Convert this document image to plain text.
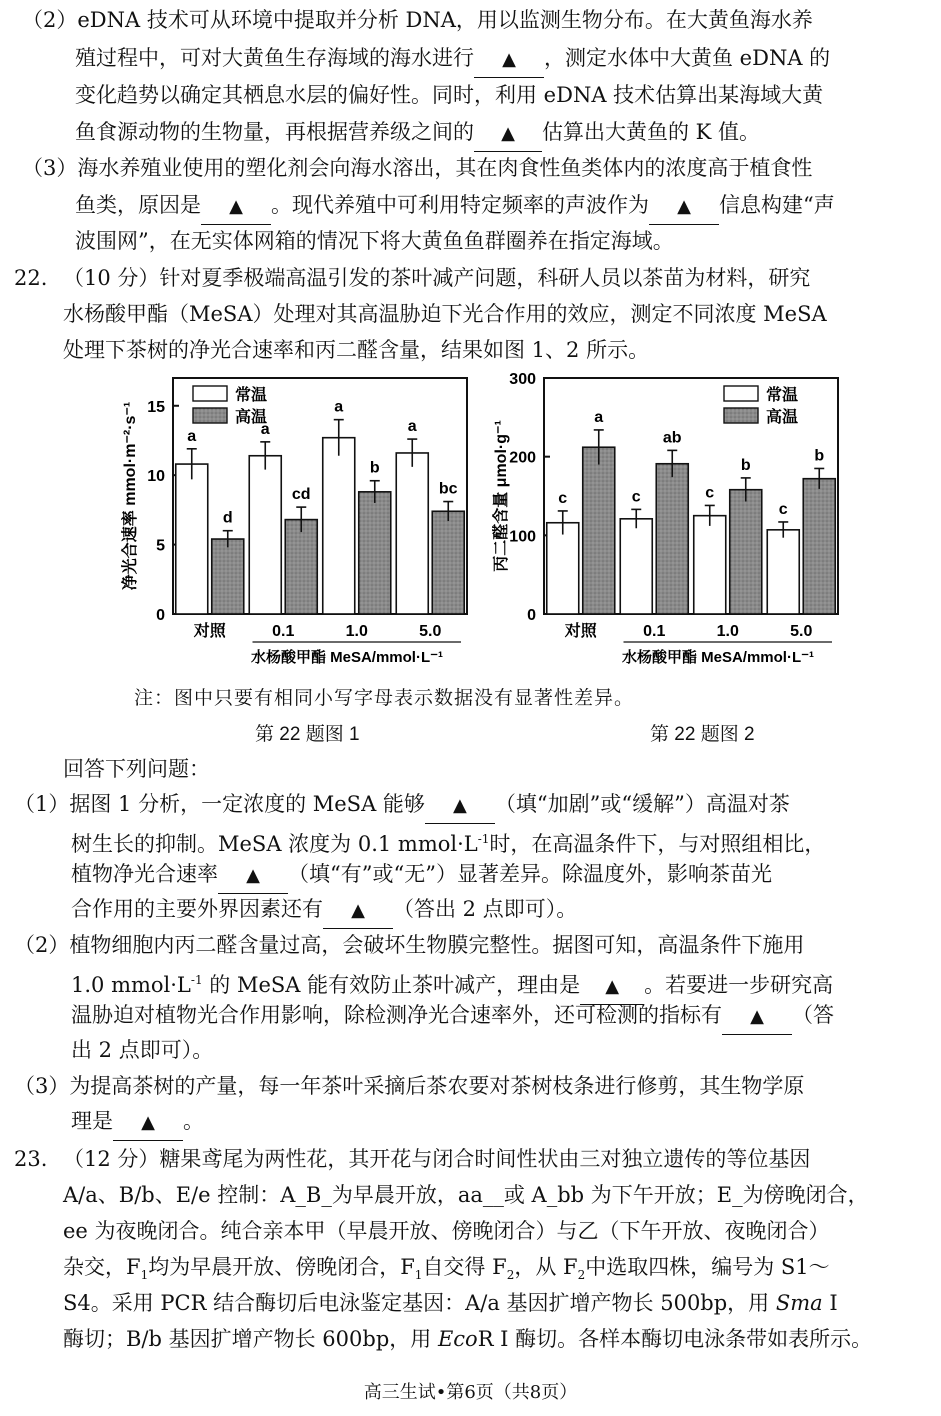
（2）eDNA 技术可从环境中提取并分析 DNA，用以监测生物分布。在大黄鱼海水养
殖过程中，可对大黄鱼生存海域的海水进行 ▲ ，测定水体中大黄鱼 eDNA 的
变化趋势以确定其栖息水层的偏好性。同时，利用 eDNA 技术估算出某海域大黄
鱼食源动物的生物量，再根据营养级之间的 ▲ 估算出大黄鱼的 K 值。
（3）海水养殖业使用的塑化剂会向海水溶出，其在肉食性鱼类体内的浓度高于植食性
鱼类，原因是 ▲ 。现代养殖中可利用特定频率的声波作为 ▲ 信息构建“声
波围网”，在无实体网箱的情况下将大黄鱼鱼群圈养在指定海域。
22. （10 分）针对夏季极端高温引发的茶叶减产问题，科研人员以茶苗为材料，研究
水杨酸甲酯（MeSA）处理对其高温胁迫下光合作用的效应，测定不同浓度 MeSA
处理下茶树的净光合速率和丙二醛含量，结果如图 1、2 所示。
0
5
10
15
净光合速率 mmol·m⁻²·s⁻¹	a
d
对照
a
cd
0.1
a
b
1.0
a
bc
5.0
水杨酸甲酯 MeSA/mmol·L⁻¹
常温
高温
0
100
200
300
丙二醛含量 μmol·g⁻¹	c
a
对照
c
ab
0.1
c
b
1.0
c
b
5.0
水杨酸甲酯 MeSA/mmol·L⁻¹
常温
高温
注：图中只要有相同小写字母表示数据没有显著性差异。
第 22 题图 1	第 22 题图 2
回答下列问题：
（1）据图 1 分析，一定浓度的 MeSA 能够 ▲ （填“加剧”或“缓解”）高温对茶
树生长的抑制。MeSA 浓度为 0.1 $mmol\cdot L^{-1}$时，在高温条件下，与对照组相比，
植物净光合速率 ▲ （填“有”或“无”）显著差异。除温度外，影响茶苗光
合作用的主要外界因素还有 ▲ （答出 2 点即可）。
（2）植物细胞内丙二醛含量过高，会破坏生物膜完整性。据图可知，高温条件下施用
1.0 $mmol\cdot L^{-1}$ 的 MeSA 能有效防止茶叶减产，理由是 ▲ 。若要进一步研究高
温胁迫对植物光合作用影响，除检测净光合速率外，还可检测的指标有 ▲ （答
出 2 点即可）。
（3）为提高茶树的产量，每一年茶叶采摘后茶农要对茶树枝条进行修剪，其生物学原
理是 ▲ 。
23. （12 分）糖果鸢尾为两性花，其开花与闭合时间性状由三对独立遗传的等位基因
A/a、B/b、E/e 控制：A_B_为早晨开放，aa__或 A_bb 为下午开放；E_为傍晚闭合，
ee 为夜晚闭合。纯合亲本甲（早晨开放、傍晚闭合）与乙（下午开放、夜晚闭合）
杂交，$F_1$均为早晨开放、傍晚闭合，$F_1$自交得 $F_2$，从 $F_2$中选取四株，编号为 S1～
S4。采用 PCR 结合酶切后电泳鉴定基因：A/a 基因扩增产物长 500bp，用 Sma I
酶切；B/b 基因扩增产物长 600bp，用 EcoR I 酶切。各样本酶切电泳条带如表所示。
高三生试•第6页（共8页）
